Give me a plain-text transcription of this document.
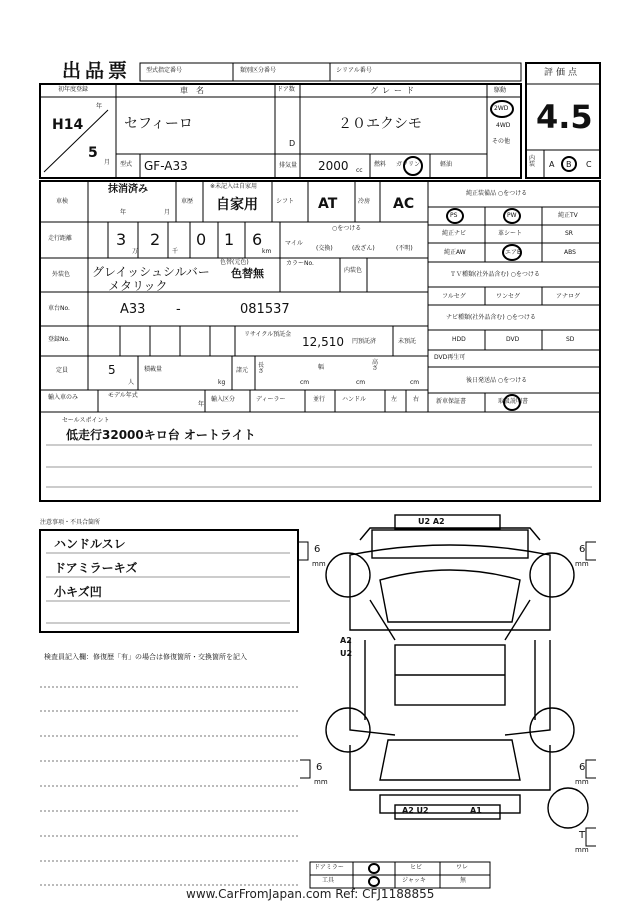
出品票 型式指定番号	類別区分番号	シリアル番号	評価点
4.5
初年度登録
年
H14
5
月
車名
セフィーロ
ドア数
D
グレード
２０エクシモ
駆動
2WD
4WD
その他
型式 GF-A33	排気量 2000 cc
燃料 ガソリン	軽油
内装 A B C
車検
抹消済み
年	月
車歴
※未記入は自家用
自家用	シフト AT	冷房 AC
走行距離	3
万
2
千
0 1 6
km
マイル
○をつける
(交換)	(改ざん)	(不明)
外装色 グレイッシュシルバー
メタリック
色替(元色)
色替無
カラーNo.
内装色
車台No.	A33 -	081537
登録No.
リサイクル預託金
12,510 円預託済	未預託
定員	5
人
積載量
kg
諸元
長さ
cm
幅
cm
高さ
cm
輸入車のみ	モデル年式
年
輸入区分	ディーラー	並行	ハンドル	左	右
純正装備品 ○をつける
PS	PW	純正TV
純正ナビ	革シート	SR
純正AW	エアB	ABS
ＴＶ種類(社外品含む) ○をつける
フルセグ	ワンセグ	アナログ
ナビ種類(社外品含む) ○をつける
HDD	DVD	SD
DVD再生可
後日発送品 ○をつける
新車保証書	取扱説明書
セールスポイント
低走行32000キロ台 オートライト
注意事項・不具合箇所
ハンドルスレ
ドアミラーキズ
小キズ凹
検査員記入欄：修復歴「有」の場合は修復箇所・交換箇所を記入
U2 A2
A2
U2
A2 U2	A1
6
mm
6
mm
6
mm
6
mm
T
mm
ドアミラー	ヒビ	ワレ
工具	ジャッキ	無
www.CarFromJapan.com Ref: CFJ1188855
